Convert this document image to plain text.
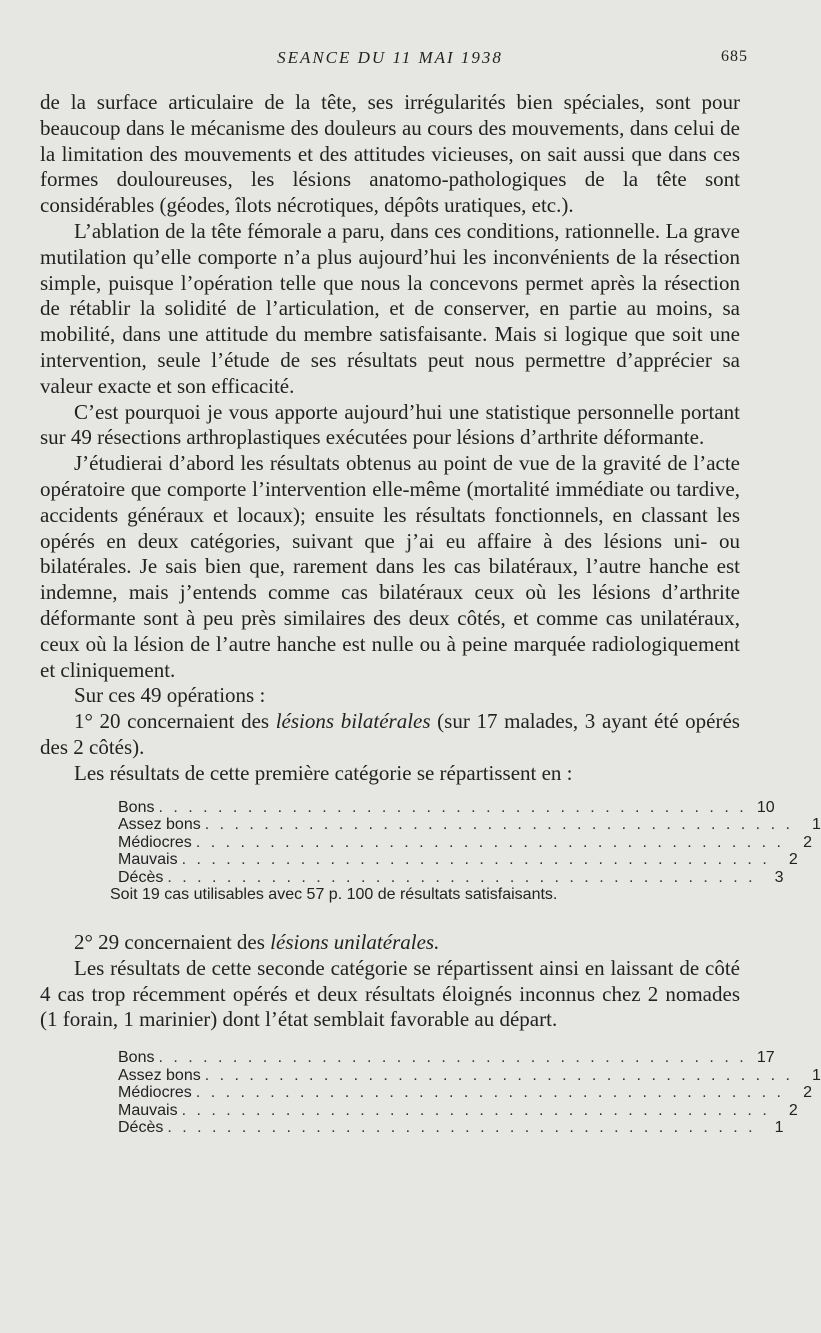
SEANCE DU 11 MAI 1938	685

de la surface articulaire de la tête, ses irrégularités bien spéciales, sont pour beaucoup dans le mécanisme des douleurs au cours des mouvements, dans celui de la limitation des mouvements et des attitudes vicieuses, on sait aussi que dans ces formes douloureuses, les lésions anatomo-pathologiques de la tête sont considérables (géodes, îlots nécrotiques, dépôts uratiques, etc.).

L’ablation de la tête fémorale a paru, dans ces conditions, rationnelle. La grave mutilation qu’elle comporte n’a plus aujourd’hui les inconvénients de la résection simple, puisque l’opération telle que nous la concevons permet après la résection de rétablir la solidité de l’articulation, et de conserver, en partie au moins, sa mobilité, dans une attitude du membre satisfaisante. Mais si logique que soit une intervention, seule l’étude de ses résultats peut nous permettre d’apprécier sa valeur exacte et son efficacité.

C’est pourquoi je vous apporte aujourd’hui une statistique personnelle portant sur 49 résections arthroplastiques exécutées pour lésions d’arthrite déformante.

J’étudierai d’abord les résultats obtenus au point de vue de la gravité de l’acte opératoire que comporte l’intervention elle-même (mortalité immédiate ou tardive, accidents généraux et locaux); ensuite les résultats fonctionnels, en classant les opérés en deux catégories, suivant que j’ai eu affaire à des lésions uni- ou bilatérales. Je sais bien que, rarement dans les cas bilatéraux, l’autre hanche est indemne, mais j’entends comme cas bilatéraux ceux où les lésions d’arthrite déformante sont à peu près similaires des deux côtés, et comme cas unilatéraux, ceux où la lésion de l’autre hanche est nulle ou à peine marquée radiologiquement et cliniquement.

Sur ces 49 opérations :

1° 20 concernaient des lésions bilatérales (sur 17 malades, 3 ayant été opérés des 2 côtés).

Les résultats de cette première catégorie se répartissent en :

Bons . . . . . . . . . . . . . . . . . . . . . . . . . . . . . . . . . . . . . . . . 10
Assez bons . . . . . . . . . . . . . . . . . . . . . . . . . . . . . . . . . . . . . . . .	1
Médiocres . . . . . . . . . . . . . . . . . . . . . . . . . . . . . . . . . . . . . . . .	2
Mauvais . . . . . . . . . . . . . . . . . . . . . . . . . . . . . . . . . . . . . . . .	2
Décès . . . . . . . . . . . . . . . . . . . . . . . . . . . . . . . . . . . . . . . .	3
Soit 19 cas utilisables avec 57 p. 100 de résultats satisfaisants.

2° 29 concernaient des lésions unilatérales.

Les résultats de cette seconde catégorie se répartissent ainsi en laissant de côté 4 cas trop récemment opérés et deux résultats éloignés inconnus chez 2 nomades (1 forain, 1 marinier) dont l’état semblait favorable au départ.

Bons . . . . . . . . . . . . . . . . . . . . . . . . . . . . . . . . . . . . . . . . 17
Assez bons . . . . . . . . . . . . . . . . . . . . . . . . . . . . . . . . . . . . . . . .	1
Médiocres . . . . . . . . . . . . . . . . . . . . . . . . . . . . . . . . . . . . . . . .	2
Mauvais . . . . . . . . . . . . . . . . . . . . . . . . . . . . . . . . . . . . . . . .	2
Décès . . . . . . . . . . . . . . . . . . . . . . . . . . . . . . . . . . . . . . . .	1
